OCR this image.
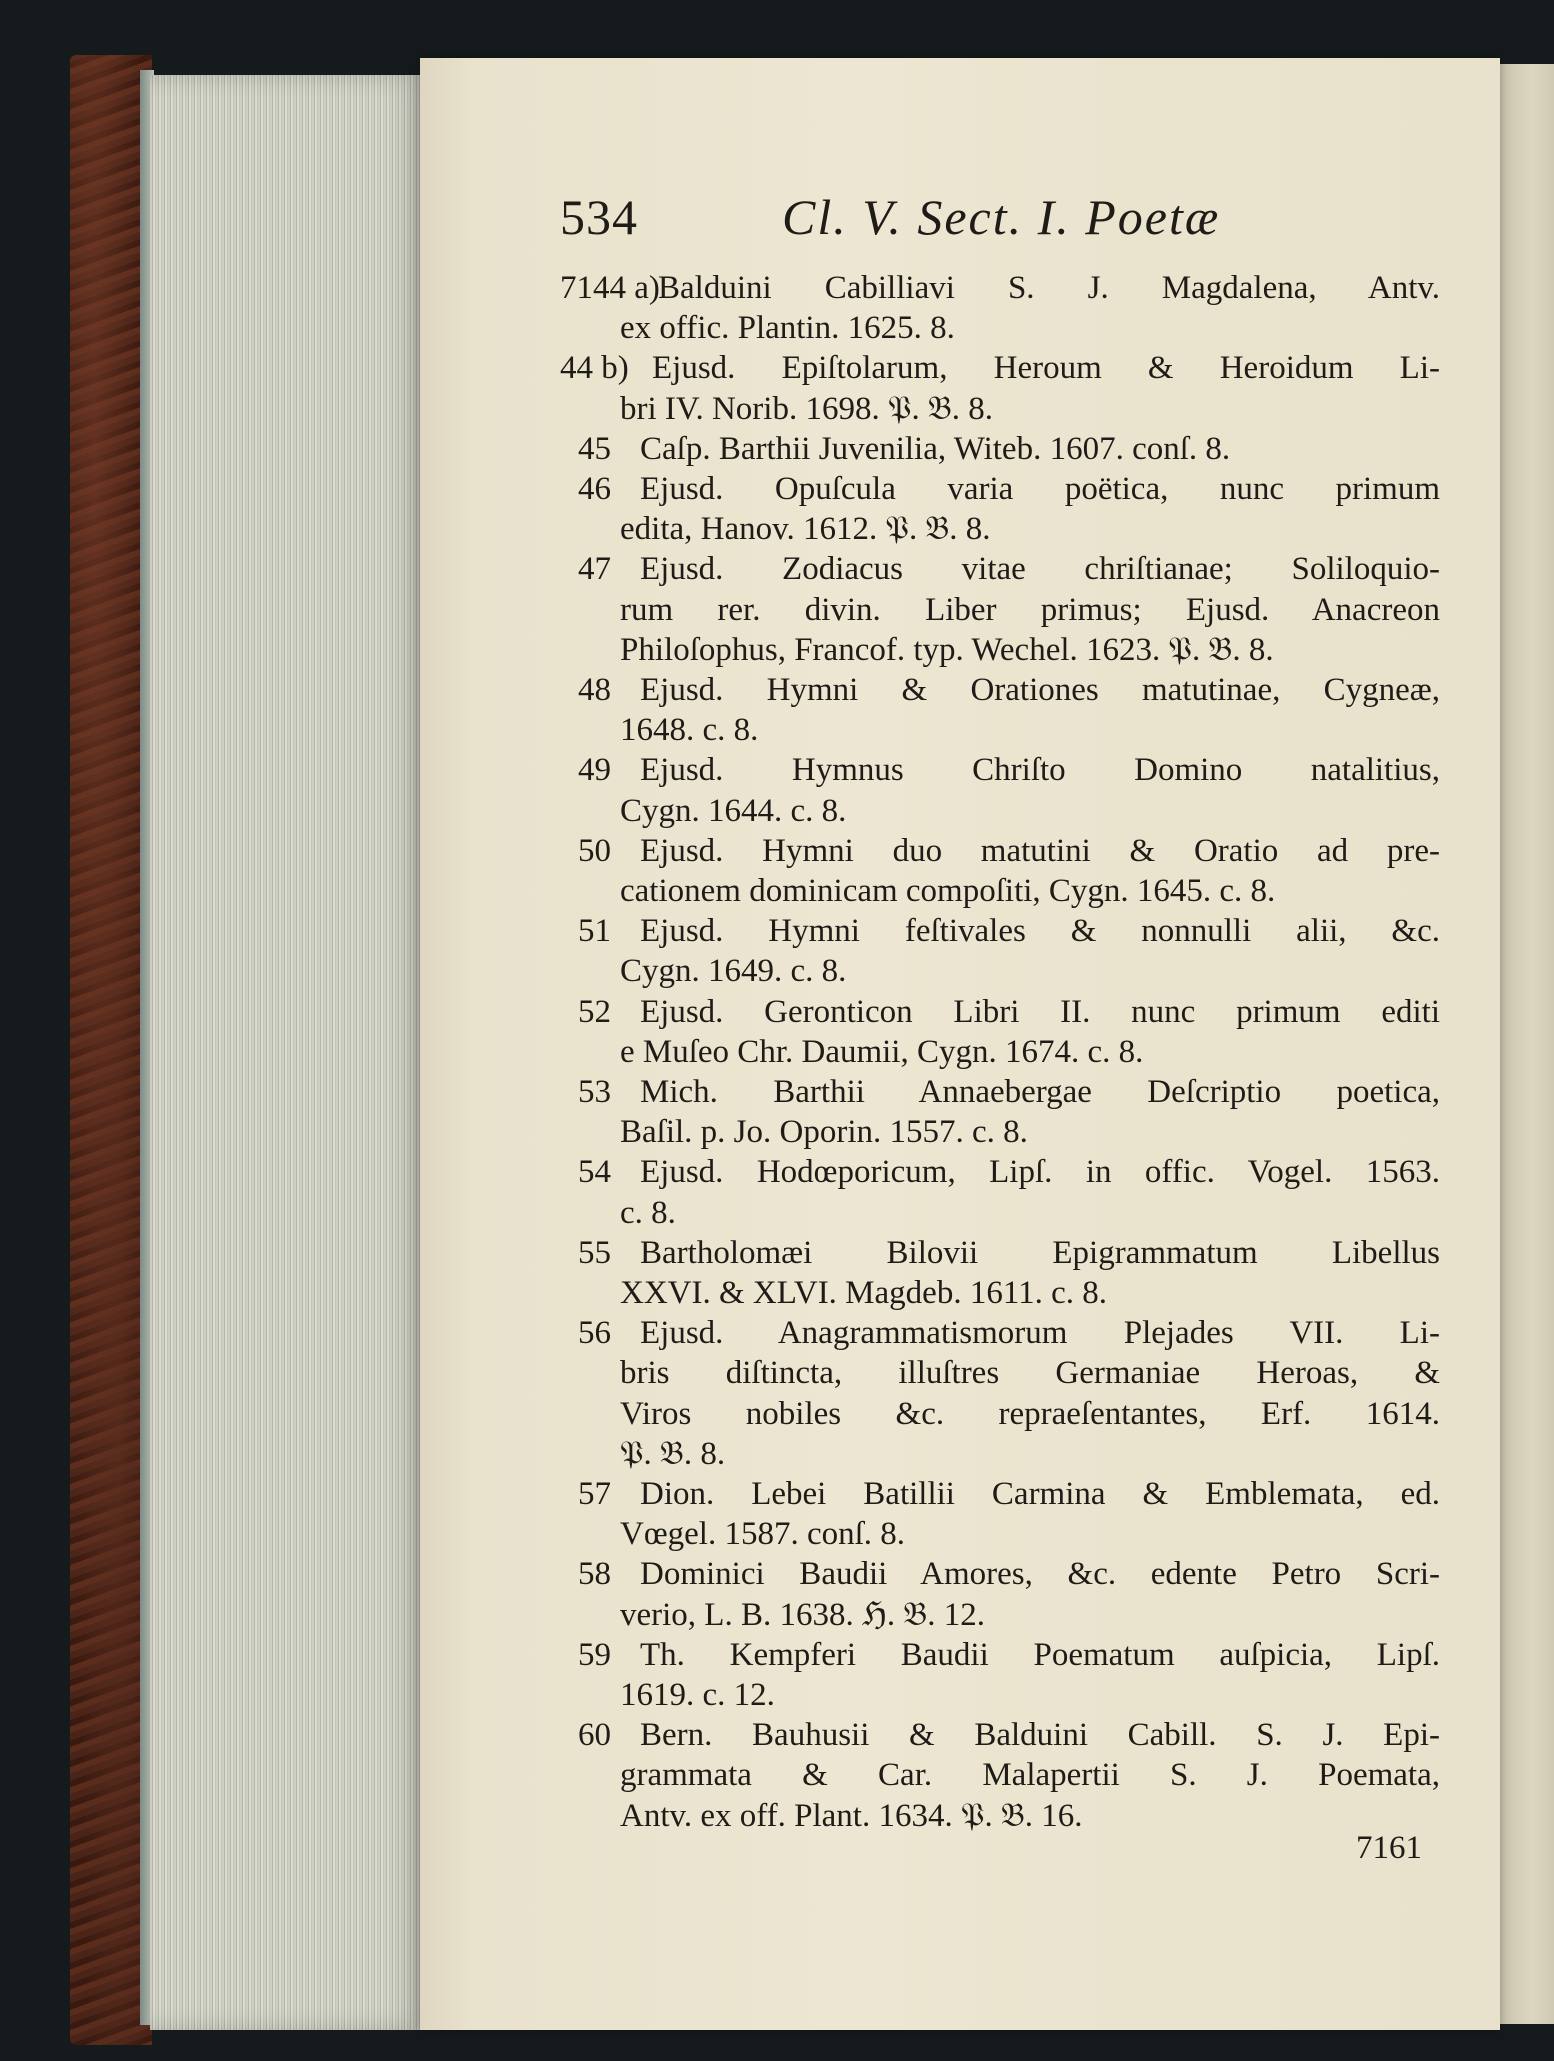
534	Cl. V. Sect. I. Poetæ
7144 a)
Balduini Cabilliavi S. J. Magdalena, Antv.
ex offic. Plantin. 1625. 8.
44 b) Ejusd. Epiſtolarum, Heroum & Heroidum Li-
bri IV. Norib. 1698. 𝔓. 𝔅. 8.
45 Caſp. Barthii Juvenilia, Witeb. 1607. conſ. 8.
46 Ejusd. Opuſcula varia poëtica, nunc primum
edita, Hanov. 1612. 𝔓. 𝔅. 8.
47 Ejusd. Zodiacus vitae chriſtianae; Soliloquio-
rum rer. divin. Liber primus; Ejusd. Anacreon
Philoſophus, Francof. typ. Wechel. 1623. 𝔓. 𝔅. 8.
48 Ejusd. Hymni & Orationes matutinae, Cygneæ,
1648. c. 8.
49 Ejusd. Hymnus Chriſto Domino natalitius,
Cygn. 1644. c. 8.
50 Ejusd. Hymni duo matutini & Oratio ad pre-
cationem dominicam compoſiti, Cygn. 1645. c. 8.
51 Ejusd. Hymni feſtivales & nonnulli alii, &c.
Cygn. 1649. c. 8.
52 Ejusd. Geronticon Libri II. nunc primum editi
e Muſeo Chr. Daumii, Cygn. 1674. c. 8.
53 Mich. Barthii Annaebergae Deſcriptio poetica,
Baſil. p. Jo. Oporin. 1557. c. 8.
54 Ejusd. Hodœporicum, Lipſ. in offic. Vogel. 1563.
c. 8.
55 Bartholomæi Bilovii Epigrammatum Libellus
XXVI. & XLVI. Magdeb. 1611. c. 8.
56 Ejusd. Anagrammatismorum Plejades VII. Li-
bris diſtincta, illuſtres Germaniae Heroas, &
Viros nobiles &c. repraeſentantes, Erf. 1614.
𝔓. 𝔅. 8.
57 Dion. Lebei Batillii Carmina & Emblemata, ed.
Vœgel. 1587. conſ. 8.
58 Dominici Baudii Amores, &c. edente Petro Scri-
verio, L. B. 1638. ℌ. 𝔅. 12.
59 Th. Kempferi Baudii Poematum auſpicia, Lipſ.
1619. c. 12.
60 Bern. Bauhusii & Balduini Cabill. S. J. Epi-
grammata & Car. Malapertii S. J. Poemata,
Antv. ex off. Plant. 1634. 𝔓. 𝔅. 16.
7161
